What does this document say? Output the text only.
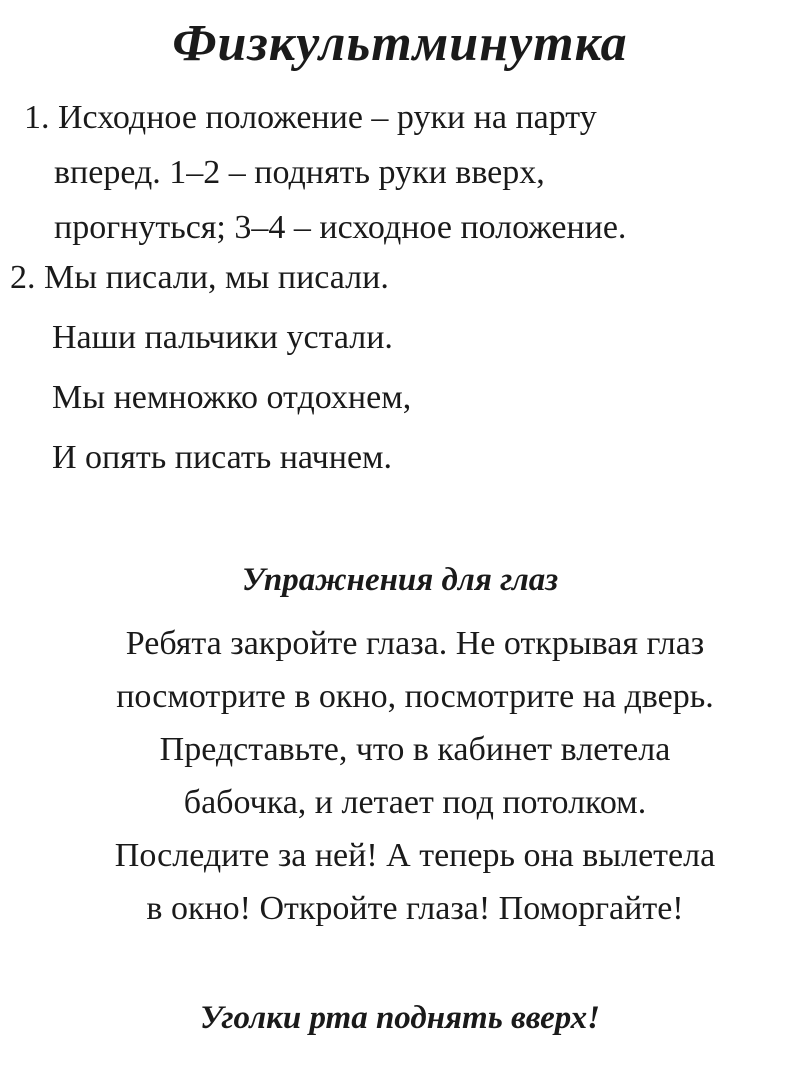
Физкультминутка
1. Исходное положение – руки на парту
вперед. 1–2 – поднять руки вверх,
прогнуться; 3–4 – исходное положение.
2. Мы писали, мы писали.
Наши пальчики устали.
Мы немножко отдохнем,
И опять писать начнем.
Упражнения для глаз
Ребята закройте глаза. Не открывая глаз
посмотрите в окно, посмотрите на дверь.
Представьте, что в кабинет влетела
бабочка, и летает под потолком.
Последите за ней! А теперь она вылетела
в окно! Откройте глаза! Поморгайте!
Уголки рта поднять вверх!
